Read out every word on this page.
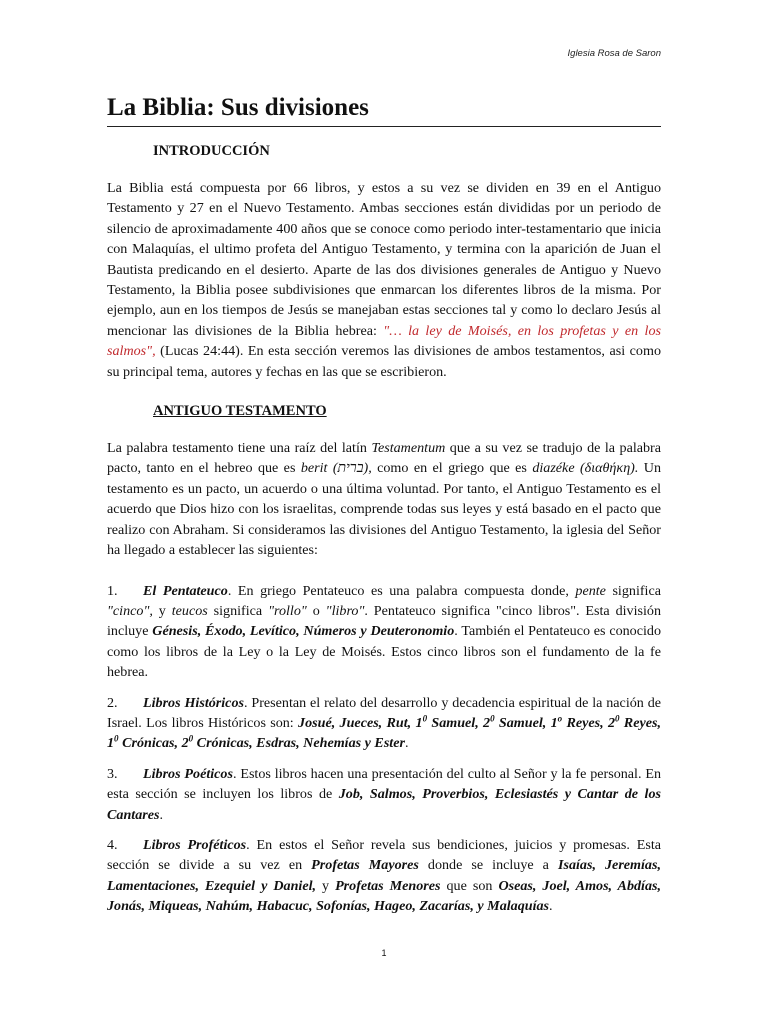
Iglesia Rosa de Saron
La Biblia: Sus divisiones
INTRODUCCIÓN

La Biblia está compuesta por 66 libros, y estos a su vez se dividen en 39 en el Antiguo Testamento y 27 en el Nuevo Testamento. Ambas secciones están divididas por un periodo de silencio de aproximadamente 400 años que se conoce como periodo inter-testamentario que inicia con Malaquías, el ultimo profeta del Antiguo Testamento, y termina con la aparición de Juan el Bautista predicando en el desierto. Aparte de las dos divisiones generales de Antiguo y Nuevo Testamento, la Biblia posee subdivisiones que enmarcan los diferentes libros de la misma. Por ejemplo, aun en los tiempos de Jesús se manejaban estas secciones tal y como lo declaro Jesús al mencionar las divisiones de la Biblia hebrea: "… la ley de Moisés, en los profetas y en los salmos", (Lucas 24:44). En esta sección veremos las divisiones de ambos testamentos, asi como su principal tema, autores y fechas en las que se escribieron.

ANTIGUO TESTAMENTO

La palabra testamento tiene una raíz del latín Testamentum que a su vez se tradujo de la palabra pacto, tanto en el hebreo que es berit (ברית), como en el griego que es diazéke (διαθήκη). Un testamento es un pacto, un acuerdo o una última voluntad. Por tanto, el Antiguo Testamento es el acuerdo que Dios hizo con los israelitas, comprende todas sus leyes y está basado en el pacto que realizo con Abraham. Si consideramos las divisiones del Antiguo Testamento, la iglesia del Señor ha llegado a establecer las siguientes:

1. El Pentateuco. En griego Pentateuco es una palabra compuesta donde, pente significa "cinco", y teucos significa "rollo" o "libro". Pentateuco significa "cinco libros". Esta división incluye Génesis, Éxodo, Levítico, Números y Deuteronomio. También el Pentateuco es conocido como los libros de la Ley o la Ley de Moisés. Estos cinco libros son el fundamento de la fe hebrea.

2. Libros Históricos. Presentan el relato del desarrollo y decadencia espiritual de la nación de Israel. Los libros Históricos son: Josué, Jueces, Rut, $1^0$ Samuel, $2^0$ Samuel, 1$^o$ Reyes, $2^0$ Reyes, $1^0$ Crónicas, $2^0$ Crónicas, Esdras, Nehemías y Ester.

3. Libros Poéticos. Estos libros hacen una presentación del culto al Señor y la fe personal. En esta sección se incluyen los libros de Job, Salmos, Proverbios, Eclesiastés y Cantar de los Cantares.

4. Libros Proféticos. En estos el Señor revela sus bendiciones, juicios y promesas. Esta sección se divide a su vez en Profetas Mayores donde se incluye a Isaías, Jeremías, Lamentaciones, Ezequiel y Daniel, y Profetas Menores que son Oseas, Joel, Amos, Abdías, Jonás, Miqueas, Nahúm, Habacuc, Sofonías, Hageo, Zacarías, y Malaquías.

1
